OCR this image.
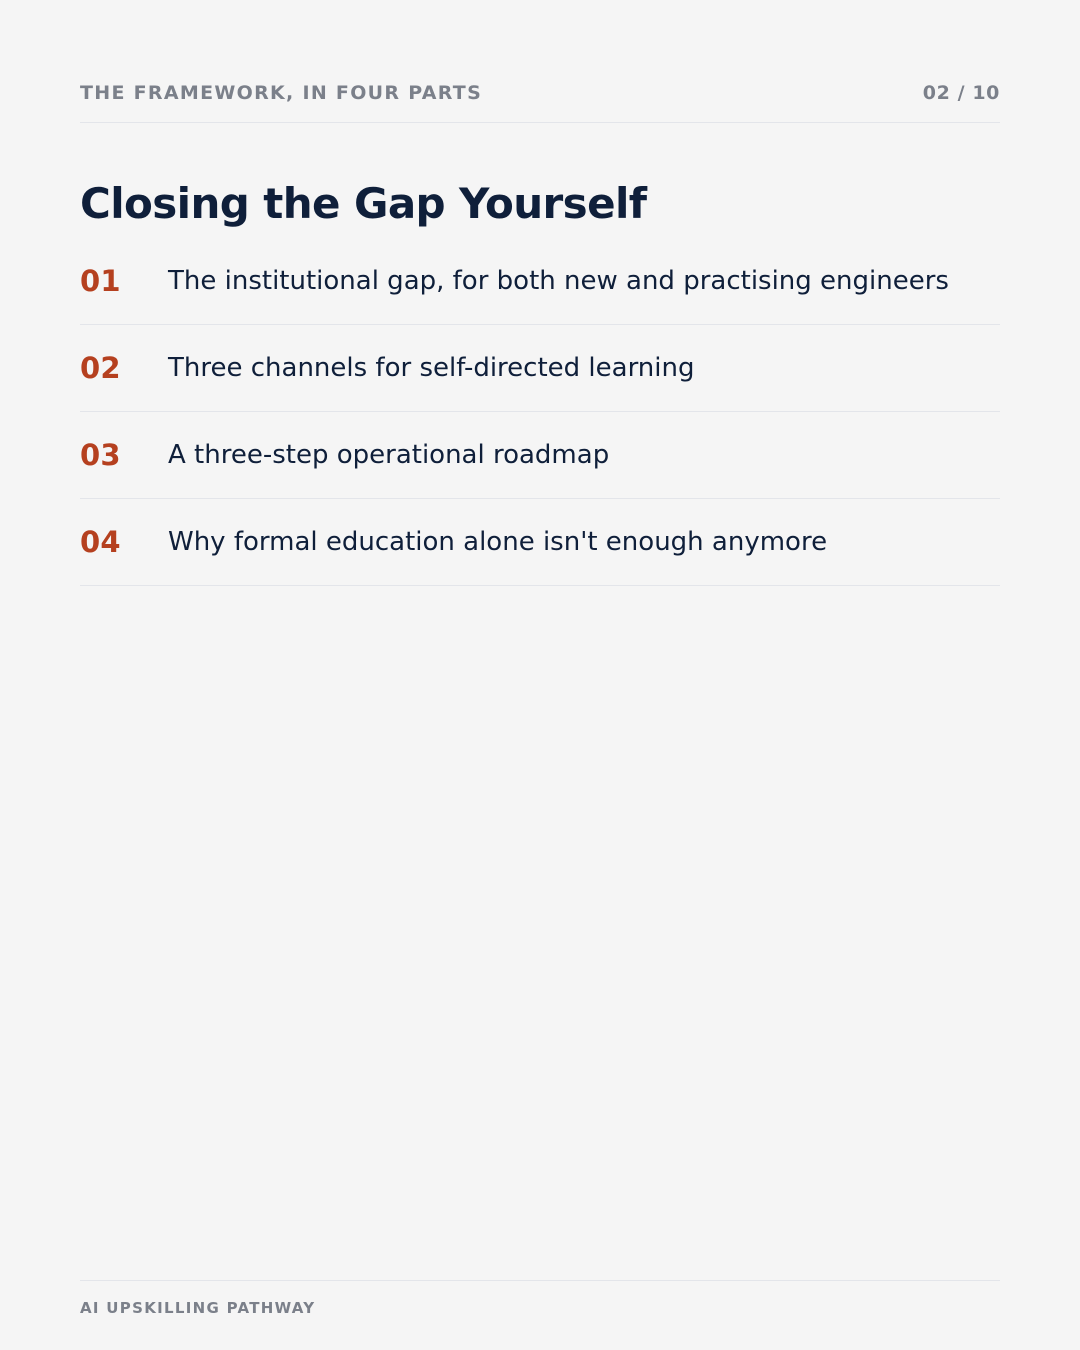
THE FRAMEWORK, IN FOUR PARTS	02 / 10
Closing the Gap Yourself
01 The institutional gap, for both new and practising engineers
02 Three channels for self-directed learning
03 A three-step operational roadmap
04 Why formal education alone isn't enough anymore
AI UPSKILLING PATHWAY
